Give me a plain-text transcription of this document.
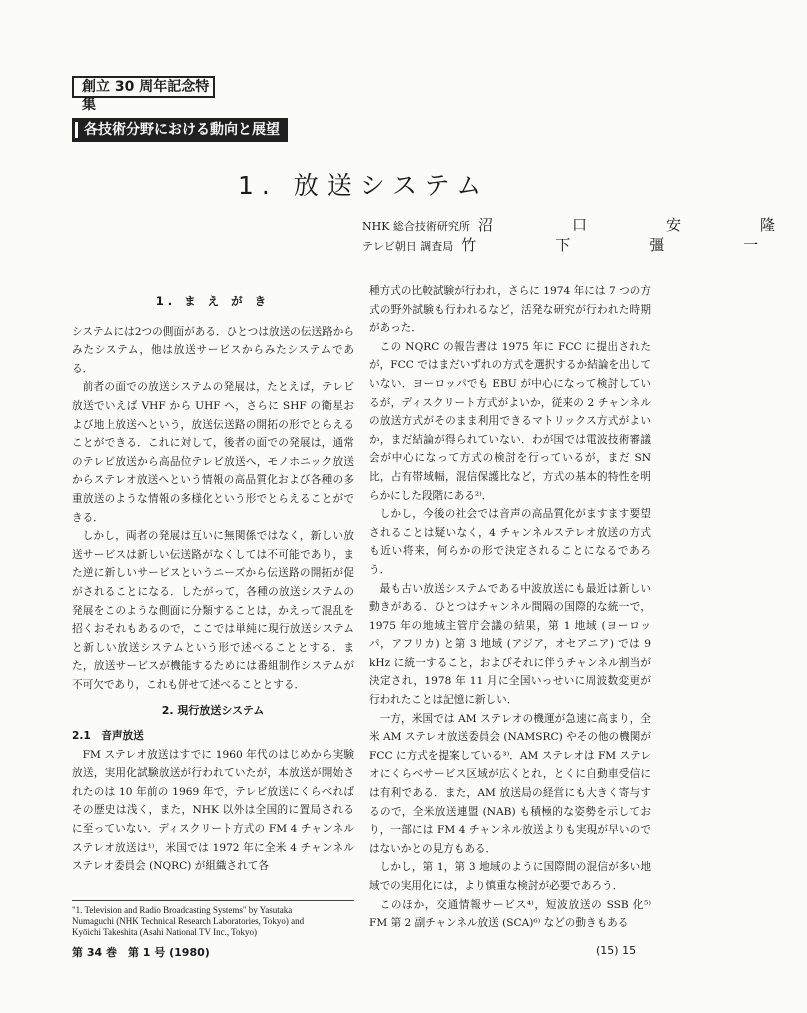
創立 30 周年記念特集
各技術分野における動向と展望
1. 放送システム
NHK 総合技術研究所 沼　口　安　隆
テレビ朝日 調査局 竹　下　彊　一
1. ま え が き

システムには2つの側面がある．ひとつは放送の伝送路からみたシステム，他は放送サービスからみたシステムである．

前者の面での放送システムの発展は，たとえば，テレビ放送でいえば VHF から UHF へ，さらに SHF の衛星および地上放送へという，放送伝送路の開拓の形でとらえることができる．これに対して，後者の面での発展は，通常のテレビ放送から高品位テレビ放送へ，モノホニック放送からステレオ放送へという情報の高品質化および各種の多重放送のような情報の多様化という形でとらえることができる．

しかし，両者の発展は互いに無関係ではなく，新しい放送サービスは新しい伝送路がなくしては不可能であり，また逆に新しいサービスというニーズから伝送路の開拓が促がされることになる．したがって，各種の放送システムの発展をこのような側面に分類することは，かえって混乱を招くおそれもあるので，ここでは単純に現行放送システムと新しい放送システムという形で述べることとする．また，放送サービスが機能するためには番組制作システムが不可欠であり，これも併せて述べることとする．

2. 現行放送システム
2.1　音声放送

FM ステレオ放送はすでに 1960 年代のはじめから実験放送，実用化試験放送が行われていたが，本放送が開始されたのは 10 年前の 1969 年で，テレビ放送にくらべればその歴史は浅く，また，NHK 以外は全国的に置局されるに至っていない．ディスクリート方式の FM 4 チャンネルステレオ放送は¹⁾，米国では 1972 年に全米 4 チャンネルステレオ委員会 (NQRC) が組織されて各

種方式の比較試験が行われ，さらに 1974 年には 7 つの方式の野外試験も行われるなど，活発な研究が行われた時期があった．

この NQRC の報告書は 1975 年に FCC に提出されたが，FCC ではまだいずれの方式を選択するか結論を出していない．ヨーロッパでも EBU が中心になって検討しているが，ディスクリート方式がよいか，従来の 2 チャンネルの放送方式がそのまま利用できるマトリックス方式がよいか，まだ結論が得られていない．わが国では電波技術審議会が中心になって方式の検討を行っているが，まだ SN 比，占有帯域幅，混信保護比など，方式の基本的特性を明らかにした段階にある²⁾．

しかし，今後の社会では音声の高品質化がますます要望されることは疑いなく，4 チャンネルステレオ放送の方式も近い将来，何らかの形で決定されることになるであろう．

最も古い放送システムである中波放送にも最近は新しい動きがある．ひとつはチャンネル間隔の国際的な統一で，1975 年の地域主管庁会議の結果，第 1 地域 (ヨーロッパ，アフリカ) と第 3 地域 (アジア，オセアニア) では 9 kHz に統一すること，およびそれに伴うチャンネル割当が決定され，1978 年 11 月に全国いっせいに周波数変更が行われたことは記憶に新しい．

一方，米国では AM ステレオの機運が急速に高まり，全米 AM ステレオ放送委員会 (NAMSRC) やその他の機関が FCC に方式を提案している³⁾．AM ステレオは FM ステレオにくらべサービス区域が広くとれ，とくに自動車受信には有利である．また，AM 放送局の経営にも大きく寄与するので，全米放送連盟 (NAB) も積極的な姿勢を示しており，一部には FM 4 チャンネル放送よりも実現が早いのではないかとの見方もある．

しかし，第 1，第 3 地域のように国際間の混信が多い地域での実用化には，より慎重な検討が必要であろう．

このほか，交通情報サービス⁴⁾，短波放送の SSB 化⁵⁾ FM 第 2 副チャンネル放送 (SCA)⁶⁾ などの動きもある

"1. Television and Radio Broadcasting Systems" by Yasutaka
Numaguchi (NHK Technical Research Laboratories, Tokyo) and
Kyōichi Takeshita (Asahi National TV Inc., Tokyo)
第 34 巻　第 1 号 (1980)	(15) 15
